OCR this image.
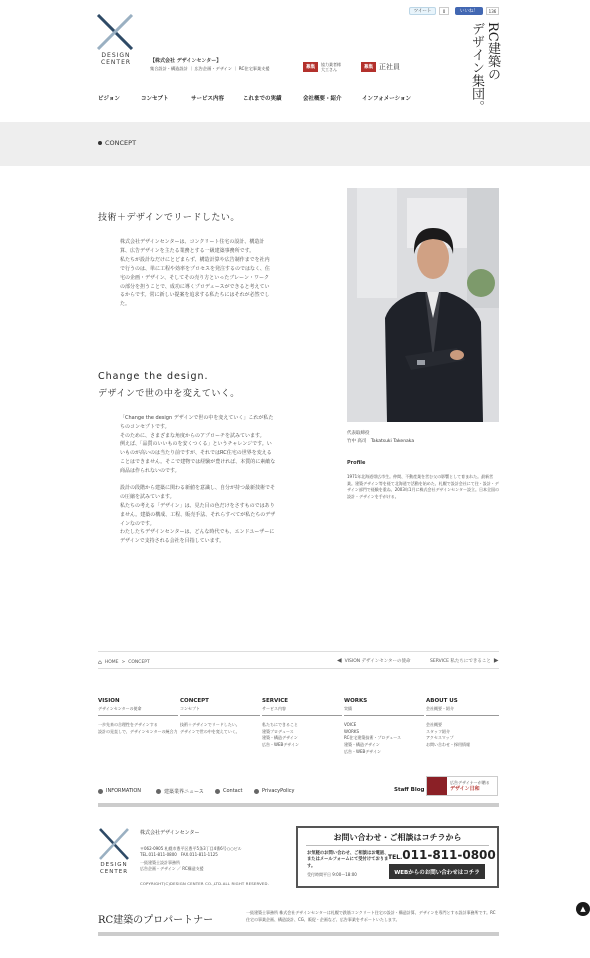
DESIGN
CENTER	【株式会社 デザインセンター】
集合設計・構造設計 ｜ 広告企画・デザイン ｜ RC住宅事業支援	募集
協力業者様
大工さん	募集 正社員
ツイート	0	いいね！	136
RC建築の
デザイン集団。
ビジョン	コンセプト	サービス内容	これまでの実績	会社概要・紹介	インフォメーション
CONCEPT
技術＋デザインでリードしたい。
株式会社デザインセンターは、コンクリート住宅の設計、構造計算、広告デザインを主たる業務とする一級建築事務所です。
私たちが設計なだけにとどまらず、構造計算や広告制作までを社内で行うのは、単に工程や効率をプロセスを発注するのではなく、住宅の企画・デザイン、そしてその売り方といったブレーン・ワークの部分を担うことで、成功に導くプロデュースができると考えているからです。常に新しい提案を追求する私たちにはそれが必然でした。
Change the design.
デザインで世の中を変えていく。
「Change the design デザインで世の中を変えていく」これが私たちのコンセプトです。
そのために、さまざまな角度からのアプローチを試みています。
例えば、「品質のいいものを安くつくる」というチャレンジです。いいものが高いのは当たり前ですが、それではRC住宅の世界を変えることはできません。そこで建物では経験が豊ければ、本質的に素敵な商品は作られないのです。

設計の段階から建築に関わる新値を意識し、自分が持つ最新技術でその圧縮を試みています。
私たちの考える「デザイン」は、見た目の色だけをさすものではありません。建築の構成、工程、販売手法、それらすべてが私たちのデザインなのです。
わたしたちデザインセンターは、どんな時代でも、エンドユーザーにデザインで支持される会社を目指しています。
代表取締役
竹中 高司　Takatsuki Takenaka
Profile
1971年北海道帯広市生。仲間、不動産業を営む父の影響として育まれた。最新営業。建築デザイン等を経て北海道で活動を始めた、札幌で設計会社にて住・設計・デザイン部門で経験を重ね、2003年1月に株式会社デザインセンター設立。日本全国の設計・デザインを手がける。
⌂ HOME > CONCEPT	◀ VISION デザインセンターの使命	SERVICE 私たちにできること ▶
VISION
デザインセンターの使命
一歩先来の合理性をデザインする
設計の見直しで、デザインセンターの統合力
CONCEPT
コンセプト
技術＋デザインでリードしたい。
デザインで世の中を変えていく。
SERVICE
サービス内容
私たちにできること
建築プロデュース
建築・構造デザイン
広告・WEBデザイン
WORKS
実績
VOICE
WORKS
RC住宅建築技術・プロデュース
建築・構造デザイン
広告・WEBデザイン
ABOUT US
会社概要・紹介
会社概要
スタッフ紹介
アクセスマップ
お問い合わせ・採用情報
INFORMATION	建築業界ニュース	Contact	PrivacyPolicy	Staff Blog
広告デザイナーが贈る
デザイン日和
DESIGN
CENTER
株式会社デザインセンター
〒062-0905 札幌市豊平区豊平5条3丁目4番6号○○ビル
TEL.011-811-0800　FAX.011-811-1125
一級建築士設計事務所
広告企画・デザイン ／ RC構造支援
COPYRIGHT(C)DESIGN CENTER CO.,LTD.ALL RIGHT RESERVED.
お問い合わせ・ご相談はコチラから
お気軽のお問い合わせ、ご相談はお電話、またはメールフォームにて受付けております。
受付時間平日 9:00～18:00
TEL.011-811-0800
WEBからのお問い合わせはコチラ
RC建築のプロパートナー
一級建築士事務所 株式会社デザインセンターは札幌で鉄筋コンクリート住宅の設計・構造計算、デザインを専門とする設計事務所です。RC住宅の事業企画、構造設計、CG、販促・企画など、広告事業をサポートいたします。
▲
